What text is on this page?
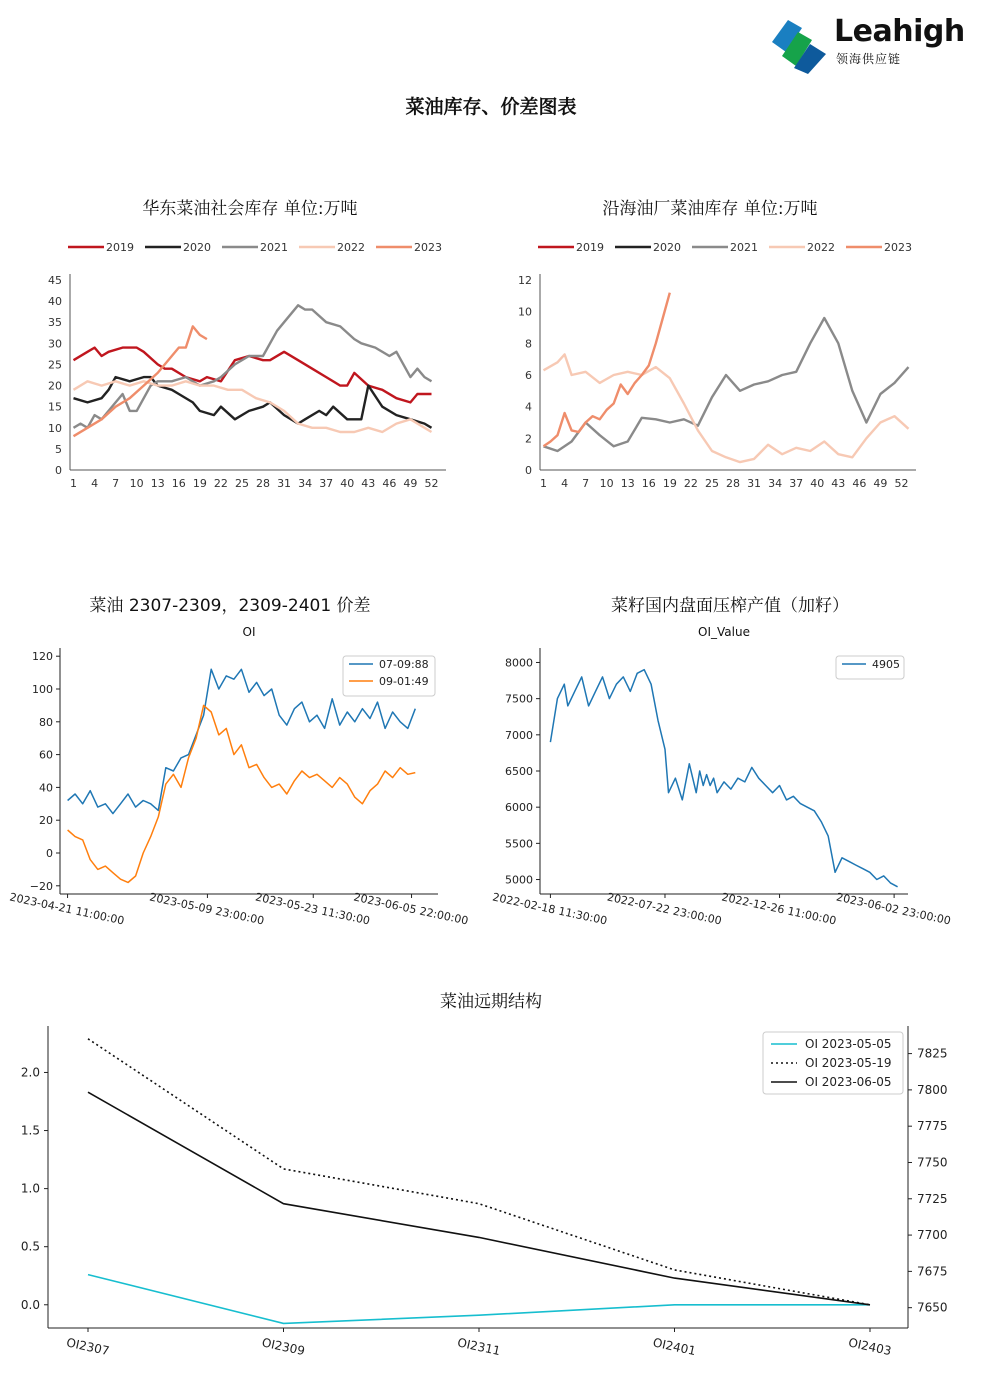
Leahigh
领海供应链
菜油库存、价差图表
华东菜油社会库存 单位:万吨
2019	2020	2021	2022	2023
0
5
10
15
20
25
30
35
40
45
1 4 7 10 13 16 19 22 25 28 31 34 37 40 43 46 49 52
沿海油厂菜油库存 单位:万吨
2019	2020	2021	2022	2023
0
2
4
6
8
10
12
1 4 7 10 13 16 19 22 25 28 31 34 37 40 43 46 49 52
菜油 2307-2309，2309-2401 价差
OI
−20
0
20
40
60
80
100
120
2023-04-21 11:00:00 2023-05-09 23:00:00
2023-05-23 11:30:00
2023-06-05 22:00:00
07-09:88
09-01:49
菜籽国内盘面压榨产值（加籽）
OI_Value
5000
5500
6000
6500
7000
7500
8000
2022-02-18 11:30:00
2022-07-22 23:00:00
2022-12-26 11:00:00
2023-06-02 23:00:00
4905
菜油远期结构
0.0
0.5
1.0
1.5
2.0
7650
7675
7700
7725
7750
7775
7800
7825
OI2307	OI2309	OI2311	OI2401	OI2403
OI 2023-05-05
OI 2023-05-19
OI 2023-06-05
